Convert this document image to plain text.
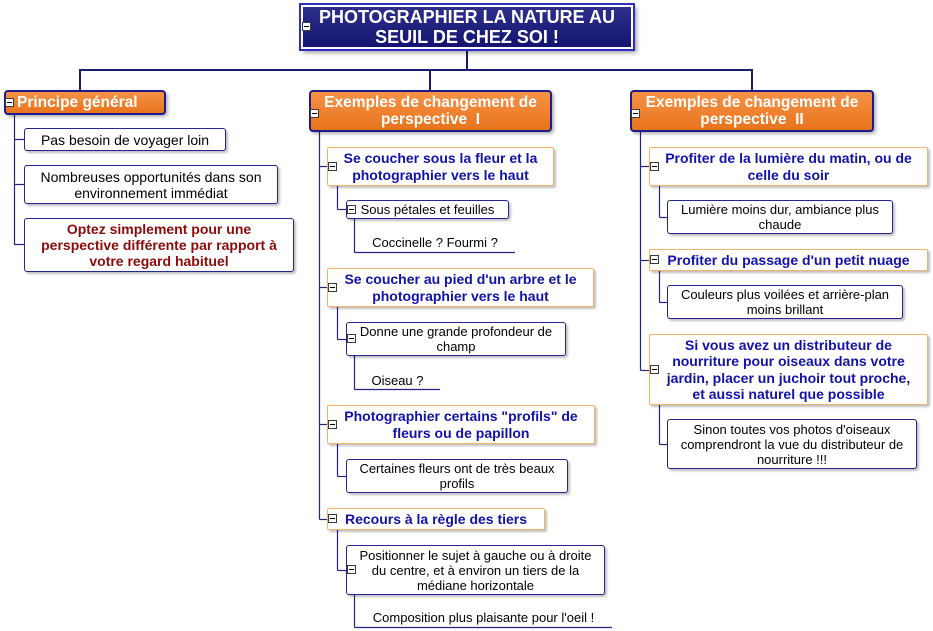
PHOTOGRAPHIER LA NATURE AU
SEUIL DE CHEZ SOI !
Principe général
Pas besoin de voyager loin
Nombreuses opportunités dans son
environnement immédiat
Optez simplement pour une
perspective différente par rapport à
votre regard habituel
Exemples de changement de
perspective  I
Se coucher sous la fleur et la
photographier vers le haut
Sous pétales et feuilles
Coccinelle ? Fourmi ?
Se coucher au pied d'un arbre et le
photographier vers le haut
Donne une grande profondeur de
champ
Oiseau ?
Photographier certains "profils" de
fleurs ou de papillon
Certaines fleurs ont de très beaux
profils
Recours à la règle des tiers
Positionner le sujet à gauche ou à droite
du centre, et à environ un tiers de la
médiane horizontale
Composition plus plaisante pour l'oeil !
Exemples de changement de
perspective  II
Profiter de la lumière du matin, ou de
celle du soir
Lumière moins dur, ambiance plus
chaude
Profiter du passage d'un petit nuage
Couleurs plus voilées et arrière-plan
moins brillant
Si vous avez un distributeur de
nourriture pour oiseaux dans votre
jardin, placer un juchoir tout proche,
et aussi naturel que possible
Sinon toutes vos photos d'oiseaux
comprendront la vue du distributeur de
nourriture !!!
